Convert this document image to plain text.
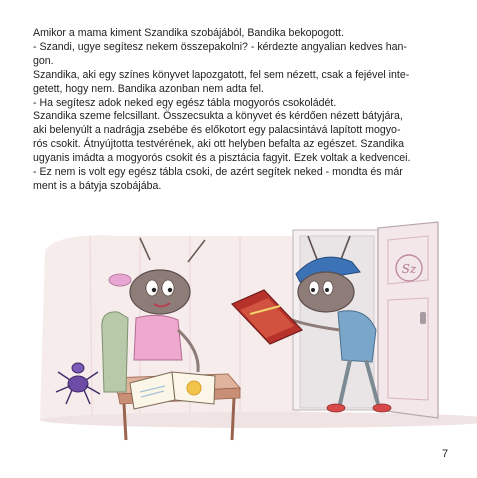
Amikor a mama kiment Szandika szobájából, Bandika bekopogott.
- Szandi, ugye segítesz nekem összepakolni? - kérdezte angyalian kedves han-
gon.
Szandika, aki egy színes könyvet lapozgatott, fel sem nézett, csak a fejével inte-
getett, hogy nem. Bandika azonban nem adta fel.
- Ha segítesz adok neked egy egész tábla mogyorós csokoládét.
Szandika szeme felcsillant. Összecsukta a könyvet és kérdően nézett bátyjára,
aki belenyúlt a nadrágja zsebébe és előkotort egy palacsintává lapított mogyo-
rós csokit. Átnyújtotta testvérének, aki ott helyben befalta az egészet. Szandika
ugyanis imádta a mogyorós csokit és a pisztácia fagyit. Ezek voltak a kedvencei.
- Ez nem is volt egy egész tábla csoki, de azért segítek neked - mondta és már
ment is a bátyja szobájába.
Sz
7
